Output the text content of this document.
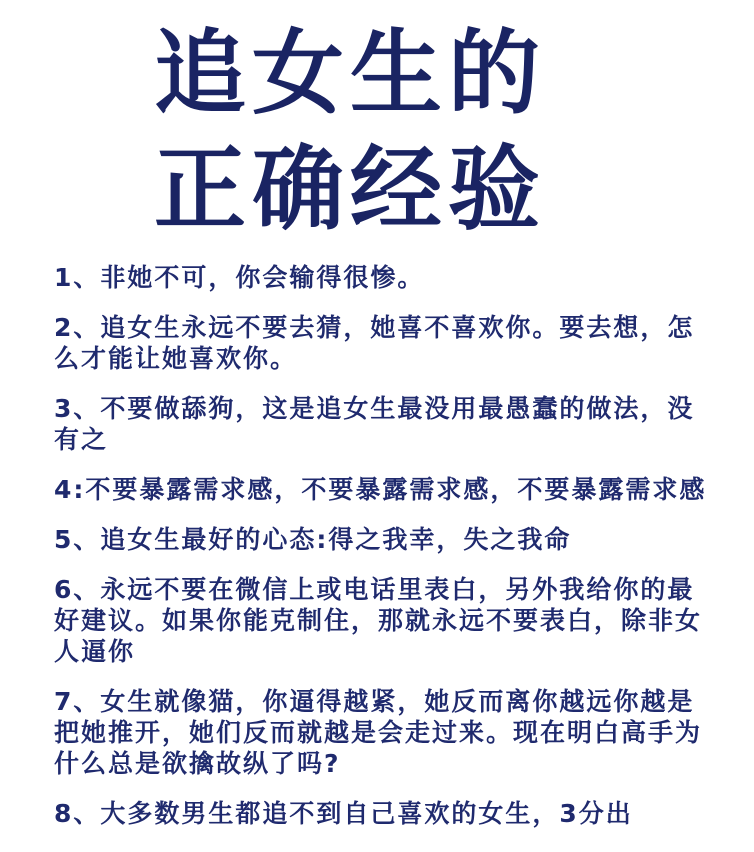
追女生的
正确经验

1、非她不可，你会输得很惨。

2、追女生永远不要去猜，她喜不喜欢你。要去想，怎么才能让她喜欢你。

3、不要做舔狗，这是追女生最没用最愚蠢的做法，没有之

4:不要暴露需求感，不要暴露需求感，不要暴露需求感

5、追女生最好的心态:得之我幸，失之我命

6、永远不要在微信上或电话里表白，另外我给你的最好建议。如果你能克制住，那就永远不要表白，除非女人逼你

7、女生就像猫，你逼得越紧，她反而离你越远你越是把她推开，她们反而就越是会走过来。现在明白高手为什么总是欲擒故纵了吗?

8、大多数男生都追不到自己喜欢的女生，3分出
